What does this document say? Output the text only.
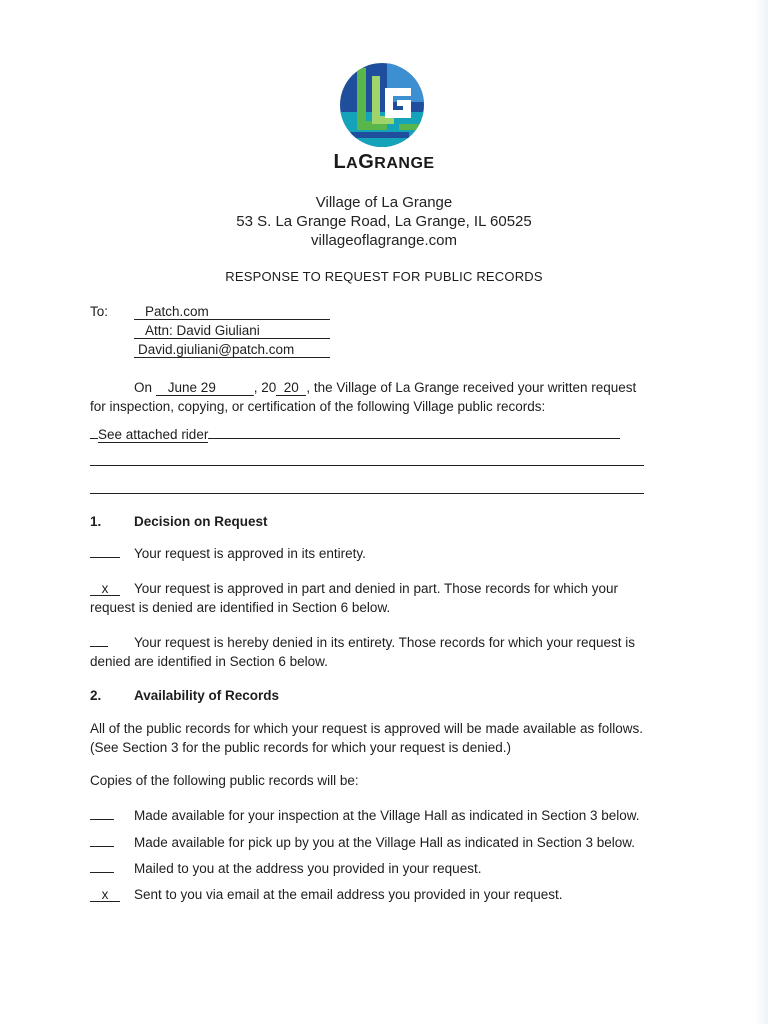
LAGRANGE
Village of La Grange
53 S. La Grange Road, La Grange, IL 60525
villageoflagrange.com
RESPONSE TO REQUEST FOR PUBLIC RECORDS
To:	Patch.com
Attn: David Giuliani
David.giuliani@patch.com
On June 29	, 20 20 , the Village of La Grange received your written request
for inspection, copying, or certification of the following Village public records:
See attached rider
1. Decision on Request
Your request is approved in its entirety.
x	Your request is approved in part and denied in part. Those records for which your
request is denied are identified in Section 6 below.
Your request is hereby denied in its entirety. Those records for which your request is
denied are identified in Section 6 below.
2. Availability of Records
All of the public records for which your request is approved will be made available as follows.
(See Section 3 for the public records for which your request is denied.)
Copies of the following public records will be:
Made available for your inspection at the Village Hall as indicated in Section 3 below.
Made available for pick up by you at the Village Hall as indicated in Section 3 below.
Mailed to you at the address you provided in your request.
x	Sent to you via email at the email address you provided in your request.
